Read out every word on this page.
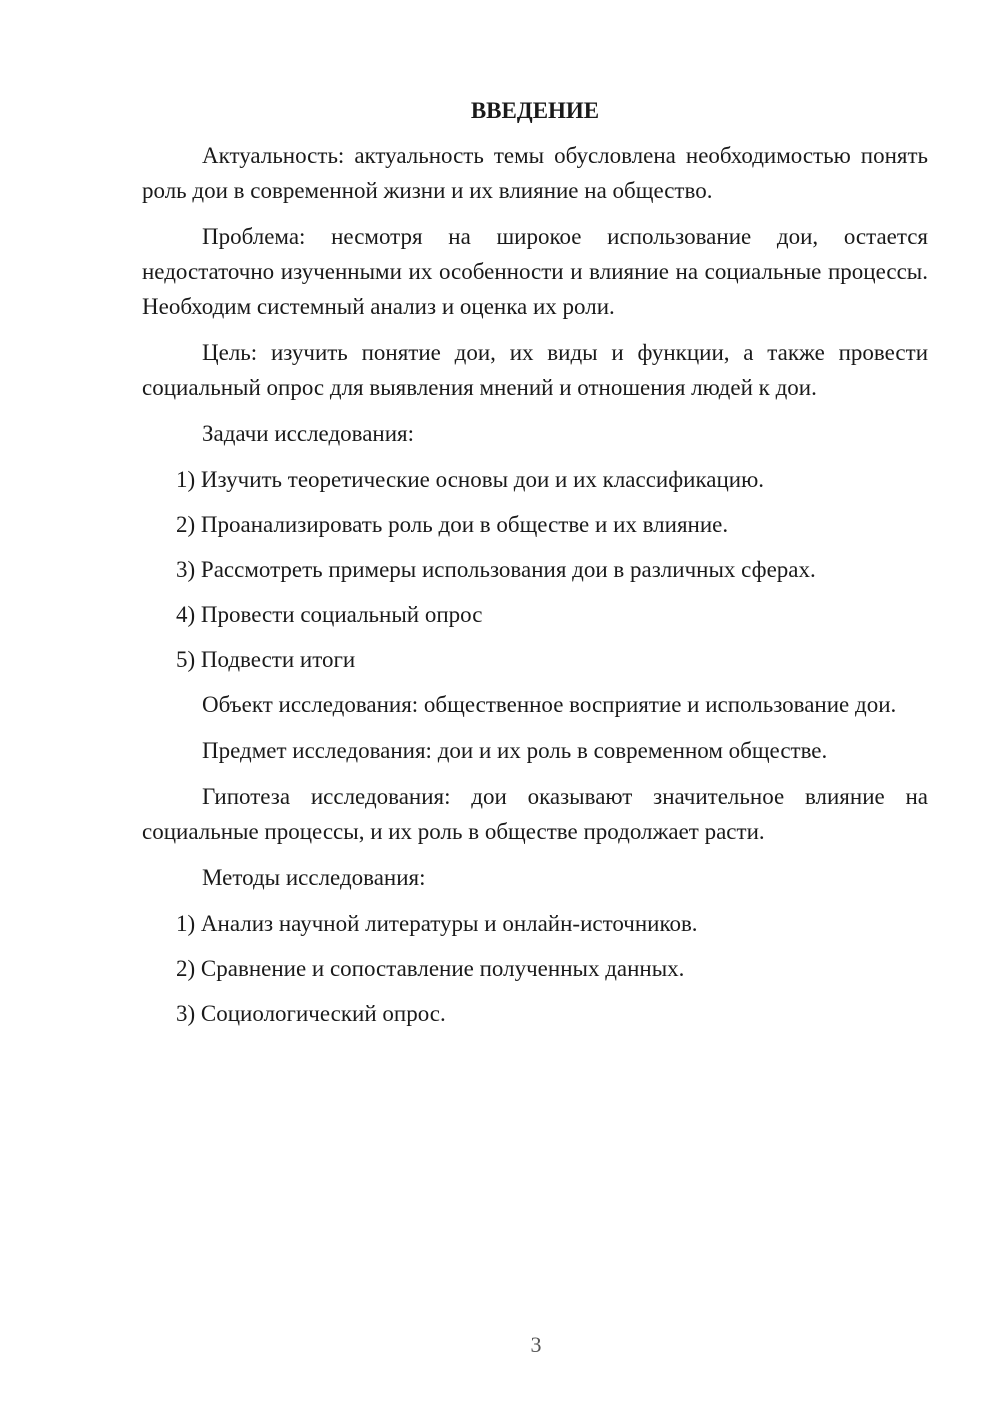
ВВЕДЕНИЕ

Актуальность: актуальность темы обусловлена необходимостью понять роль дои в современной жизни и их влияние на общество.

Проблема: несмотря на широкое использование дои, остается недостаточно изученными их особенности и влияние на социальные процессы. Необходим системный анализ и оценка их роли.

Цель: изучить понятие дои, их виды и функции, а также провести социальный опрос для выявления мнений и отношения людей к дои.

Задачи исследования:

1) Изучить теоретические основы дои и их классификацию.
2) Проанализировать роль дои в обществе и их влияние.
3) Рассмотреть примеры использования дои в различных сферах.
4) Провести социальный опрос
5) Подвести итоги

Объект исследования: общественное восприятие и использование дои.

Предмет исследования: дои и их роль в современном обществе.

Гипотеза исследования: дои оказывают значительное влияние на социальные процессы, и их роль в обществе продолжает расти.

Методы исследования:

1) Анализ научной литературы и онлайн-источников.
2) Сравнение и сопоставление полученных данных.
3) Социологический опрос.
3
